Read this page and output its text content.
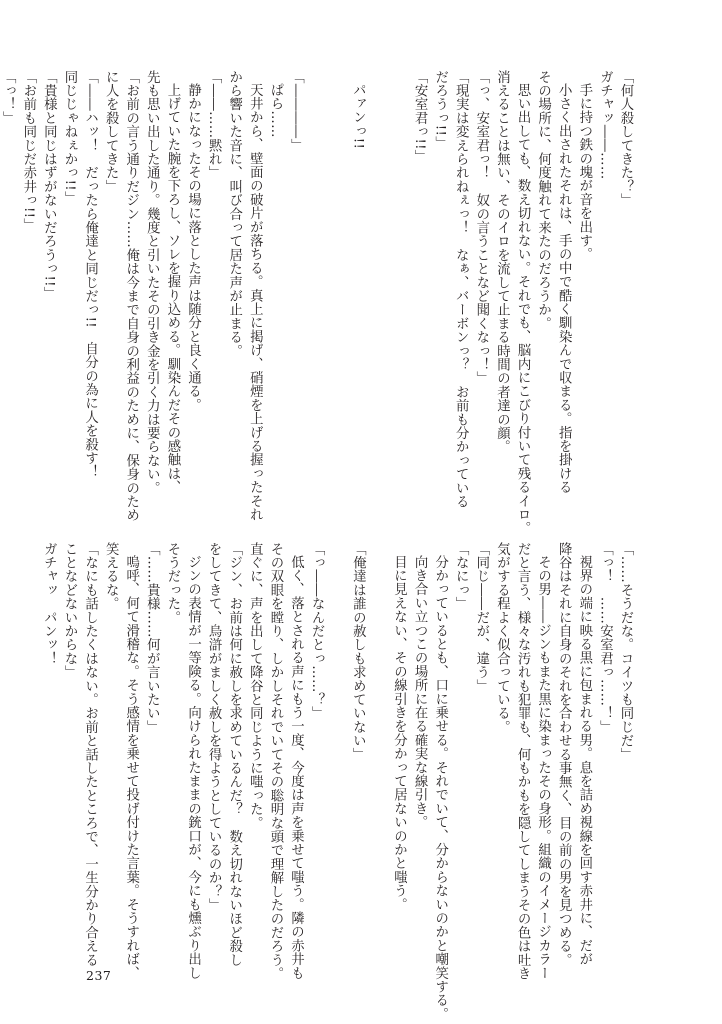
「何人殺してきた？」
ガチャッ――……
手に持つ鉄の塊が音を出す。
小さく出されたそれは、手の中で酷く馴染んで収まる。指を掛ける
その場所に、何度触れて来たのだろうか。
思い出しても、数え切れない。それでも、脳内にこびり付いて残るイロ。
消えることは無い、そのイロを流して止まる時間の者達の顔。
「っ、安室君っ！　奴の言うことなど聞くなっ！」
「現実は変えられねぇっ！　なぁ、バーボンっ？　お前も分かっている
だろうっ!!」
「安室君っ!!」
パァンっ!!
「――――」
ぱら……
天井から、壁面の破片が落ちる。真上に掲げ、硝煙を上げる握ったそれ
から響いた音に、叫び合って居た声が止まる。
「――……黙れ」
静かになったその場に落とした声は随分と良く通る。
上げていた腕を下ろし、ソレを握り込める。馴染んだその感触は、
先も思い出した通り。幾度と引いたその引き金を引く力は要らない。
「お前の言う通りだジン……俺は今まで自身の利益のために、保身のため
に人を殺してきた」
「――ハッ！　だったら俺達と同じだっ!!　自分の為に人を殺す！
同じじゃねぇかっ!!」
「貴様と同じはずがないだろうっ!!」
「お前も同じだ赤井っ!!」
「っ！」
「……そうだな。コイツも同じだ」
「っ！　……安室君っ……！」
視界の端に映る黒に包まれる男。息を詰め視線を回す赤井に、だが
降谷はそれに自身のそれを合わせる事無く、目の前の男を見つめる。
その男――ジンもまた黒に染まったその身形。組織のイメージカラー
だと言う、様々な汚れも犯罪も、何もかもを隠してしまうその色は吐き
気がする程よく似合っている。
「同じ――だが、違う」
「なにっ」
分かっているとも、口に乗せる。それでいて、分からないのかと嘲笑する。
向き合い立つこの場所に在る確実な線引き。
目に見えない、その線引きを分かって居ないのかと嗤う。
「俺達は誰の赦しも求めていない」
「っ――なんだとっ……？」
低く、落とされる声にもう一度、今度は声を乗せて嗤う。隣の赤井も
その双眼を瞠り、しかしそれでいてその聡明な頭で理解したのだろう。
直ぐに、声を出して降谷と同じように嗤った。
「ジン、お前は何に赦しを求めているんだ？　数え切れないほど殺し
をしてきて、烏滸がましく赦しを得ようとしているのか？」
ジンの表情が一等険る。向けられたままの銃口が、今にも燻ぶり出し
そうだった。
「……貴様……何が言いたい」
嗚呼、何て滑稽な。そう感情を乗せて投げ付けた言葉。そうすれば、
笑えるな。
「なにも話したくはない。お前と話したところで、一生分かり合える
ことなどないからな」
ガチャッ　パンッ！
237
